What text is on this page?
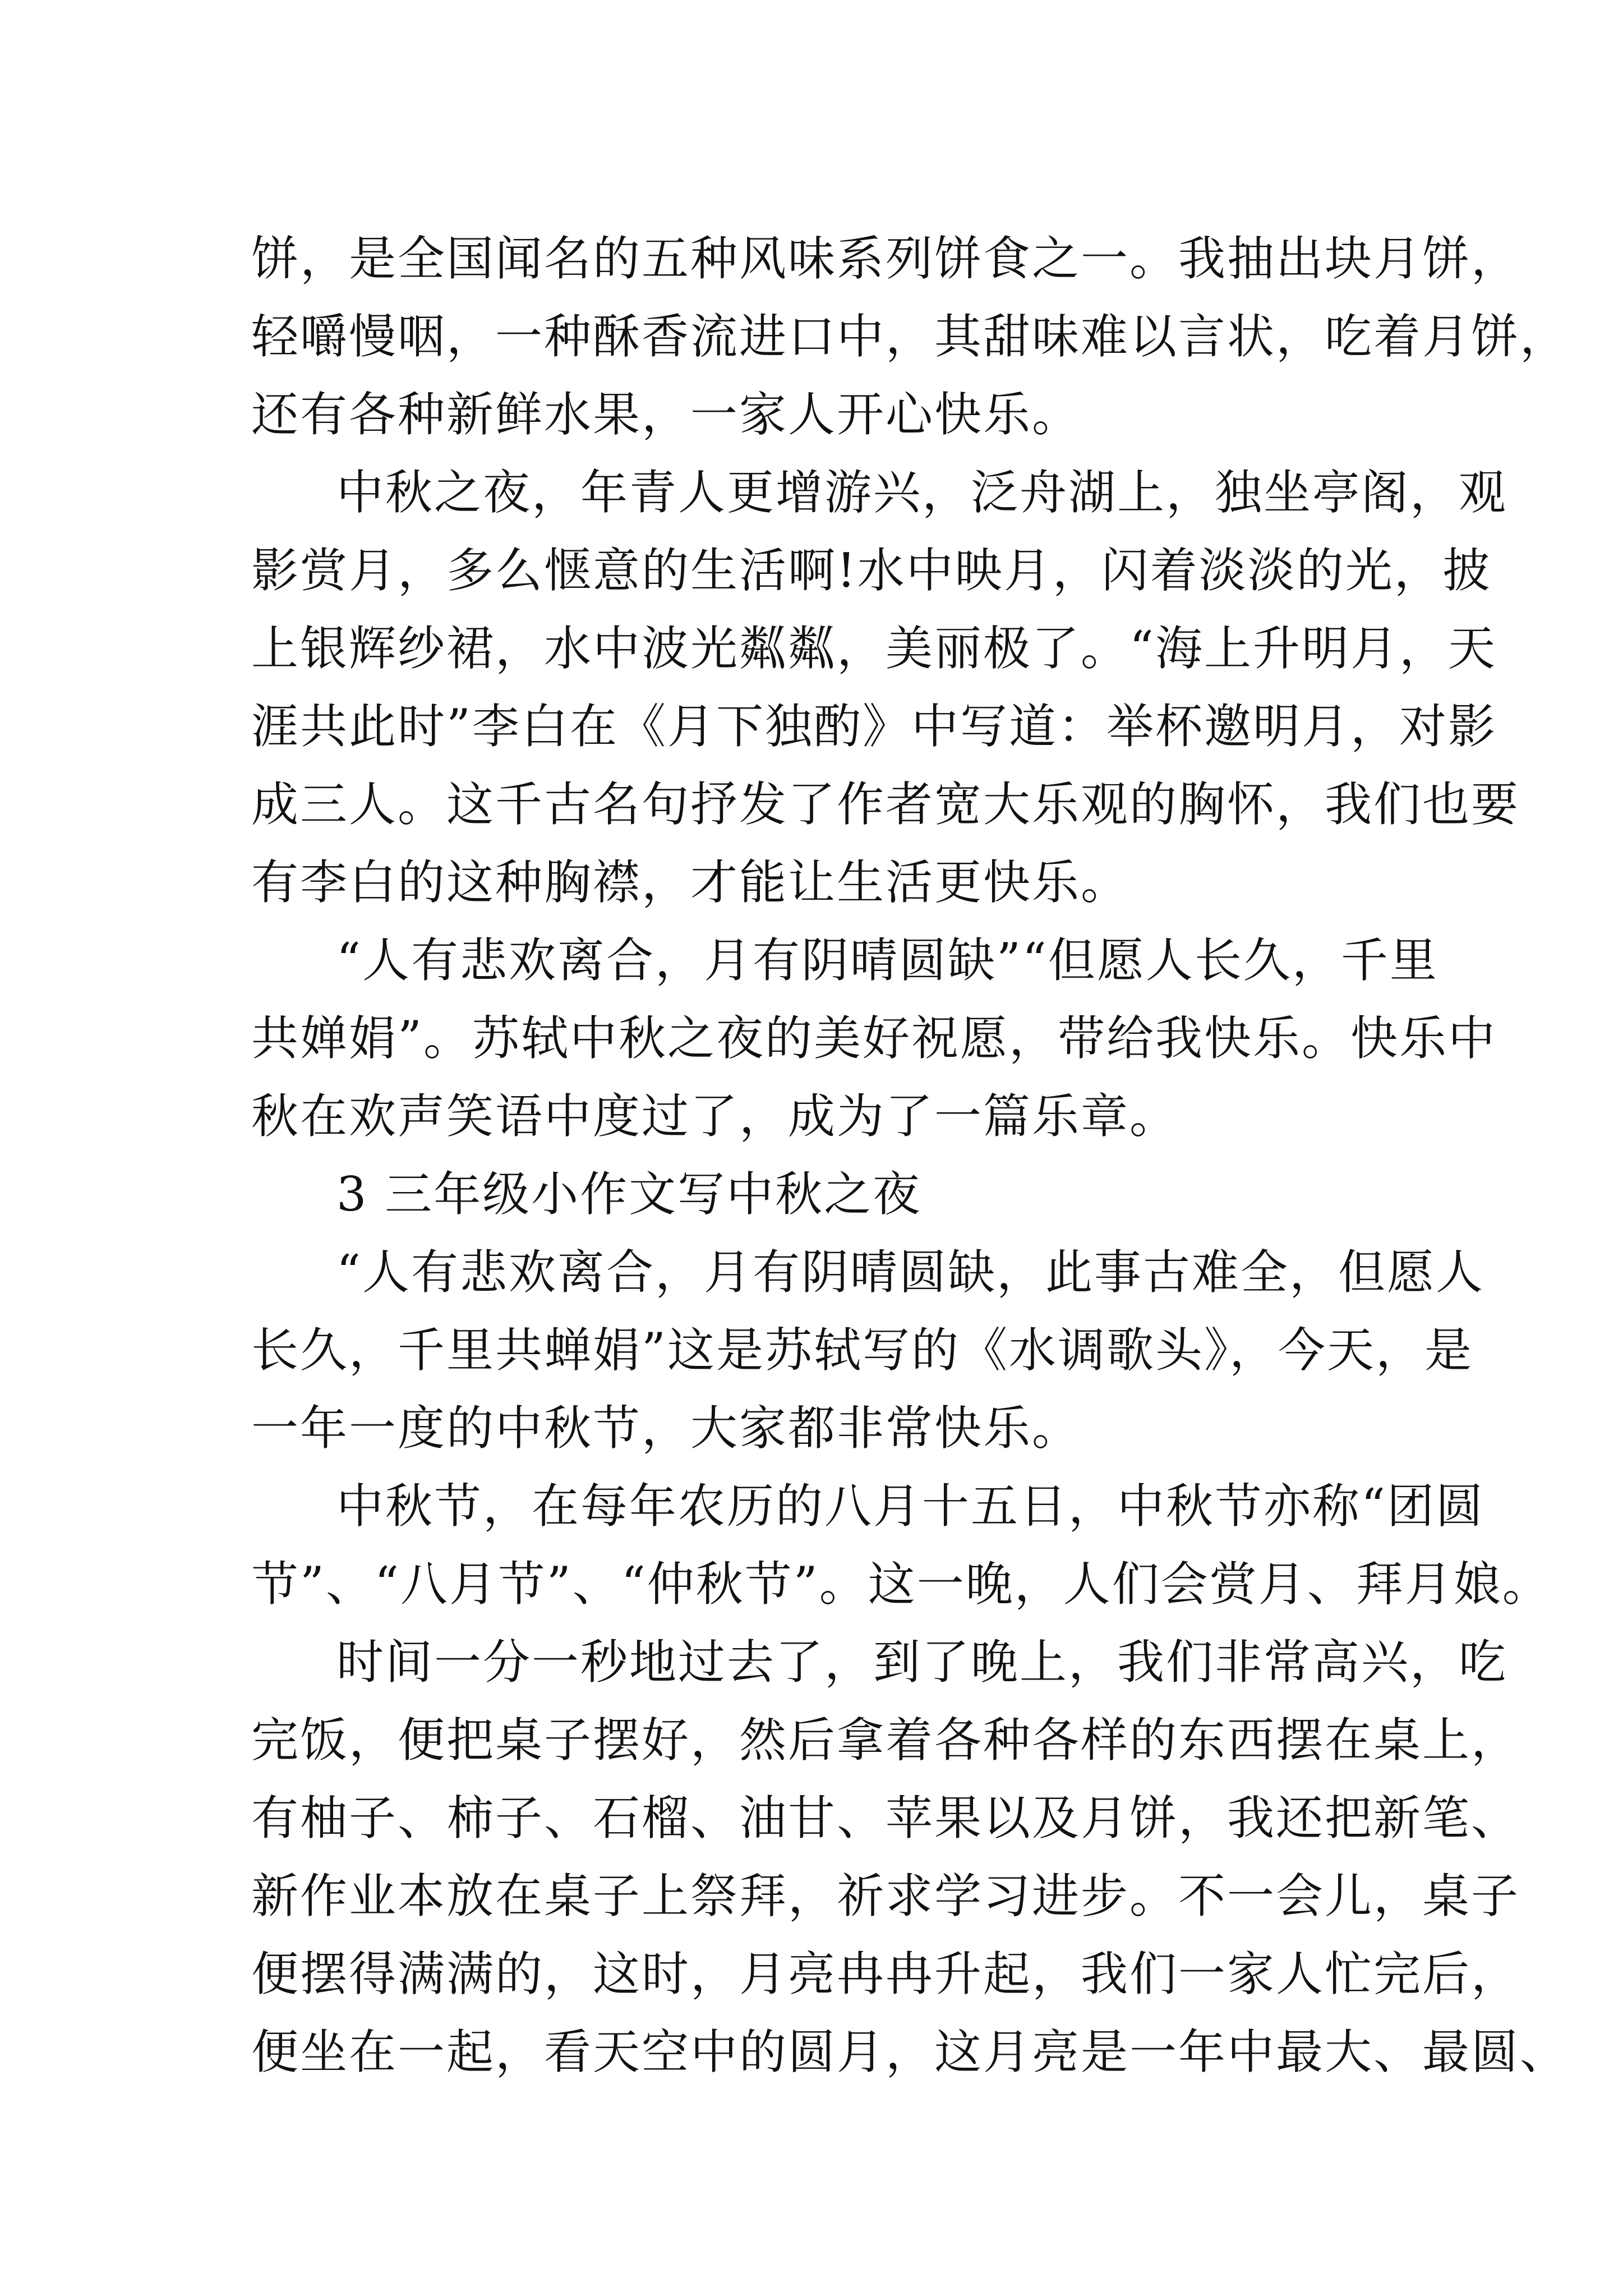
饼，是全国闻名的五种风味系列饼食之一。我抽出块月饼，
轻嚼慢咽，一种酥香流进口中，其甜味难以言状，吃着月饼，
还有各种新鲜水果，一家人开心快乐。
中秋之夜，年青人更增游兴，泛舟湖上，独坐亭阁，观
影赏月，多么惬意的生活啊!水中映月，闪着淡淡的光，披
上银辉纱裙，水中波光粼粼，美丽极了。“海上升明月，天
涯共此时”李白在《月下独酌》中写道：举杯邀明月，对影
成三人。这千古名句抒发了作者宽大乐观的胸怀，我们也要
有李白的这种胸襟，才能让生活更快乐。
“人有悲欢离合，月有阴晴圆缺”“但愿人长久，千里
共婵娟”。苏轼中秋之夜的美好祝愿，带给我快乐。快乐中
秋在欢声笑语中度过了，成为了一篇乐章。
3 三年级小作文写中秋之夜
“人有悲欢离合，月有阴晴圆缺，此事古难全，但愿人
长久，千里共蝉娟”这是苏轼写的《水调歌头》，今天，是
一年一度的中秋节，大家都非常快乐。
中秋节，在每年农历的八月十五日，中秋节亦称“团圆
节”、“八月节”、“仲秋节”。这一晚，人们会赏月、拜月娘。
时间一分一秒地过去了，到了晚上，我们非常高兴，吃
完饭，便把桌子摆好，然后拿着各种各样的东西摆在桌上，
有柚子、柿子、石榴、油甘、苹果以及月饼，我还把新笔、
新作业本放在桌子上祭拜，祈求学习进步。不一会儿，桌子
便摆得满满的，这时，月亮冉冉升起，我们一家人忙完后，
便坐在一起，看天空中的圆月，这月亮是一年中最大、最圆、
